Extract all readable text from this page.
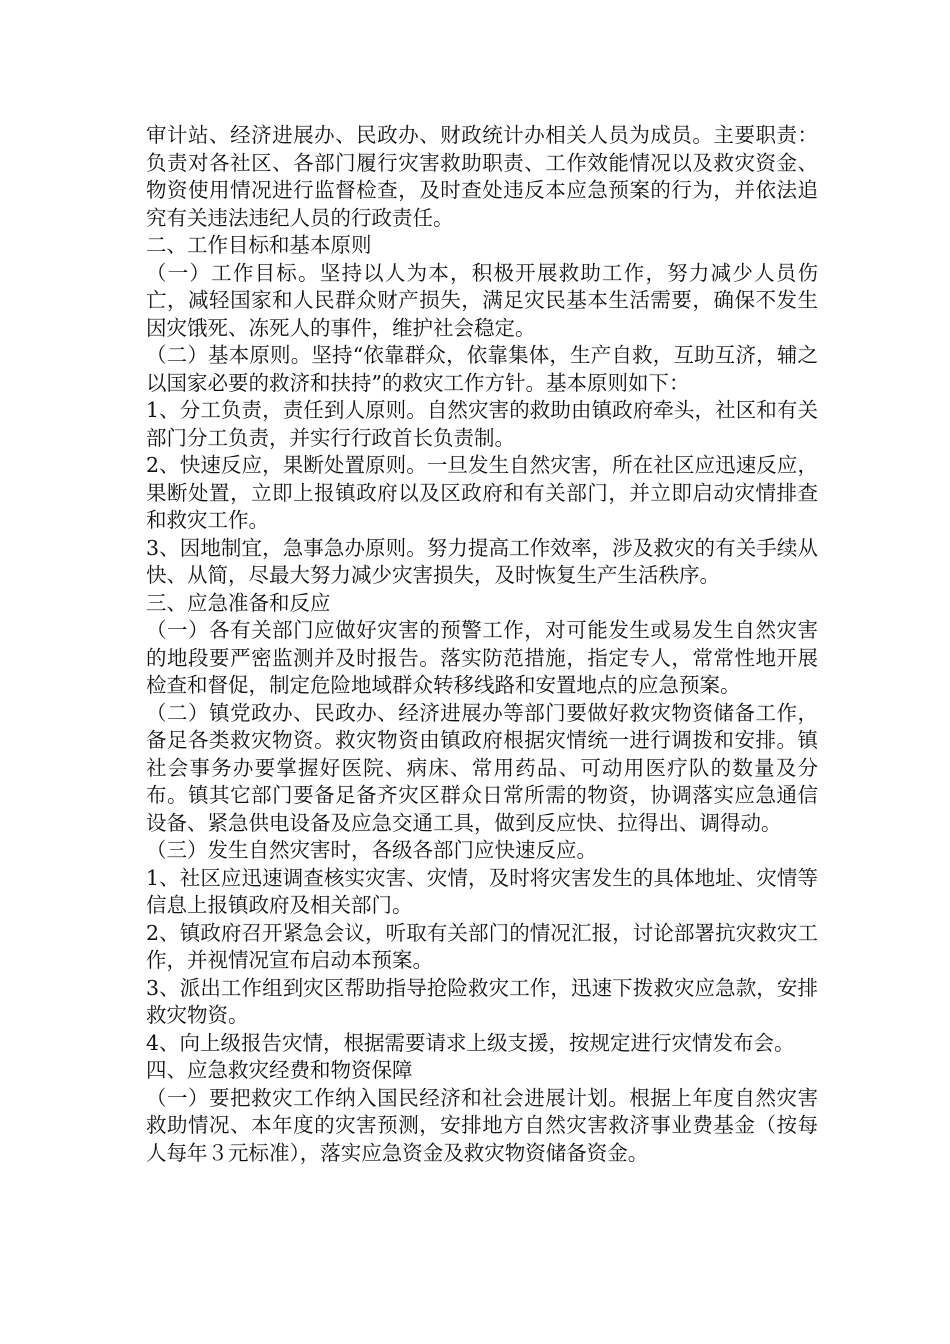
审计站、经济进展办、民政办、财政统计办相关人员为成员。主要职责：负责对各社区、各部门履行灾害救助职责、工作效能情况以及救灾资金、物资使用情况进行监督检查，及时查处违反本应急预案的行为，并依法追究有关违法违纪人员的行政责任。

二、工作目标和基本原则

（一）工作目标。坚持以人为本，积极开展救助工作，努力减少人员伤亡，减轻国家和人民群众财产损失，满足灾民基本生活需要，确保不发生因灾饿死、冻死人的事件，维护社会稳定。

（二）基本原则。坚持“依靠群众，依靠集体，生产自救，互助互济，辅之以国家必要的救济和扶持”的救灾工作方针。基本原则如下：

1、分工负责，责任到人原则。自然灾害的救助由镇政府牵头，社区和有关部门分工负责，并实行行政首长负责制。

2、快速反应，果断处置原则。一旦发生自然灾害，所在社区应迅速反应，果断处置，立即上报镇政府以及区政府和有关部门，并立即启动灾情排查和救灾工作。

3、因地制宜，急事急办原则。努力提高工作效率，涉及救灾的有关手续从快、从简，尽最大努力减少灾害损失，及时恢复生产生活秩序。

三、应急准备和反应

（一）各有关部门应做好灾害的预警工作，对可能发生或易发生自然灾害的地段要严密监测并及时报告。落实防范措施，指定专人，常常性地开展检查和督促，制定危险地域群众转移线路和安置地点的应急预案。

（二）镇党政办、民政办、经济进展办等部门要做好救灾物资储备工作，备足各类救灾物资。救灾物资由镇政府根据灾情统一进行调拨和安排。镇社会事务办要掌握好医院、病床、常用药品、可动用医疗队的数量及分布。镇其它部门要备足备齐灾区群众日常所需的物资，协调落实应急通信设备、紧急供电设备及应急交通工具，做到反应快、拉得出、调得动。

（三）发生自然灾害时，各级各部门应快速反应。

1、社区应迅速调查核实灾害、灾情，及时将灾害发生的具体地址、灾情等信息上报镇政府及相关部门。

2、镇政府召开紧急会议，听取有关部门的情况汇报，讨论部署抗灾救灾工作，并视情况宣布启动本预案。

3、派出工作组到灾区帮助指导抢险救灾工作，迅速下拨救灾应急款，安排救灾物资。

4、向上级报告灾情，根据需要请求上级支援，按规定进行灾情发布会。

四、应急救灾经费和物资保障

（一）要把救灾工作纳入国民经济和社会进展计划。根据上年度自然灾害救助情况、本年度的灾害预测，安排地方自然灾害救济事业费基金（按每人每年３元标准），落实应急资金及救灾物资储备资金。
